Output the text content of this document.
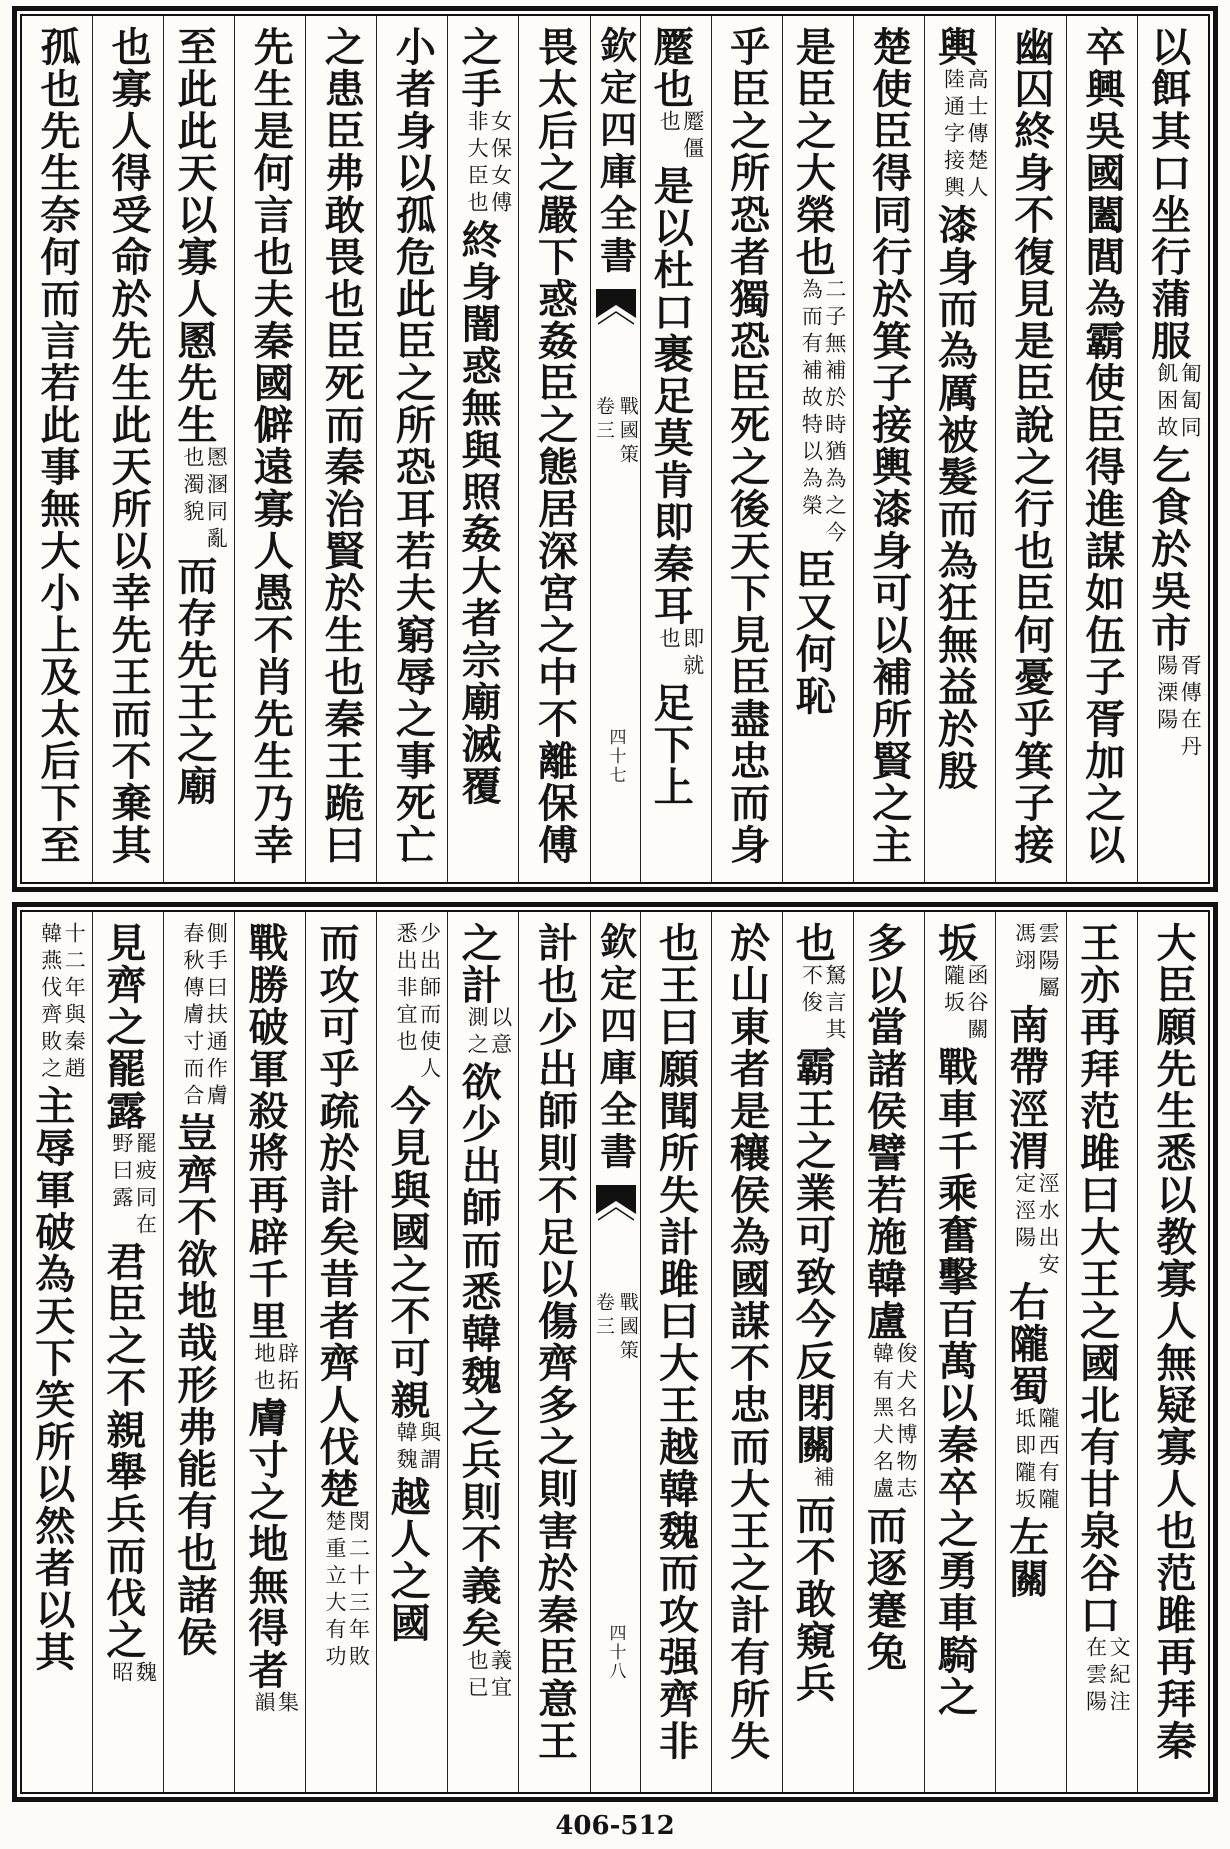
以餌其口坐行蒲服匍匐同飢困故乞食於吳市胥傳在丹陽溧陽
卒興吳國闔閭為霸使臣得進謀如伍子胥加之以
幽囚終身不復見是臣說之行也臣何憂乎箕子接
輿高士傳楚人陸通字接輿漆身而為厲被髮而為狂無益於殷
楚使臣得同行於箕子接輿漆身可以補所賢之主
是臣之大榮也二子無補於時猶為之今為而有補故特以為榮臣又何恥
乎臣之所恐者獨恐臣死之後天下見臣盡忠而身
蹷也蹷僵也是以杜口裹足莫肯即秦耳即就也足下上
欽定四庫全書
戰國策
卷三
四十七
畏太后之嚴下惑姦臣之態居深宮之中不離保傅
之手女保女傅非大臣也終身闇惑無與照姦大者宗廟滅覆
小者身以孤危此臣之所恐耳若夫窮辱之事死亡
之患臣弗敢畏也臣死而秦治賢於生也秦王跪曰
先生是何言也夫秦國僻遠寡人愚不肖先生乃幸
至此此天以寡人慁先生慁溷同亂也濁貌而存先王之廟
也寡人得受命於先生此天所以幸先王而不棄其
孤也先生奈何而言若此事無大小上及太后下至
大臣願先生悉以教寡人無疑寡人也范雎再拜秦
王亦再拜范雎曰大王之國北有甘泉谷口文紀注在雲陽
雲陽屬馮翊南帶涇渭涇水出安定涇陽右隴蜀隴西有隴坻即隴坂左關
坂函谷關隴坂戰車千乘奮擊百萬以秦卒之勇車騎之
多以當諸侯譬若施韓盧俊犬名博物志韓有黑犬名盧而逐蹇兔
也駑言其不俊霸王之業可致今反閉關補而不敢窺兵
於山東者是穰侯為國謀不忠而大王之計有所失
也王曰願聞所失計雎曰大王越韓魏而攻强齊非
欽定四庫全書
戰國策
卷三
四十八
計也少出師則不足以傷齊多之則害於秦臣意王
之計以意測之欲少出師而悉韓魏之兵則不義矣義宜也已
少出師而使人悉出非宜也今見與國之不可親與謂韓魏越人之國
而攻可乎疏於計矣昔者齊人伐楚閔二十三年敗楚重立大有功
戰勝破軍殺將再辟千里辟拓地也膚寸之地無得者集韻
側手曰扶通作膚春秋傳膚寸而合豈齊不欲地哉形弗能有也諸侯
見齊之罷露罷疲同在野曰露君臣之不親舉兵而伐之魏昭
十二年與秦趙韓燕伐齊敗之主辱軍破為天下笑所以然者以其
406-512
